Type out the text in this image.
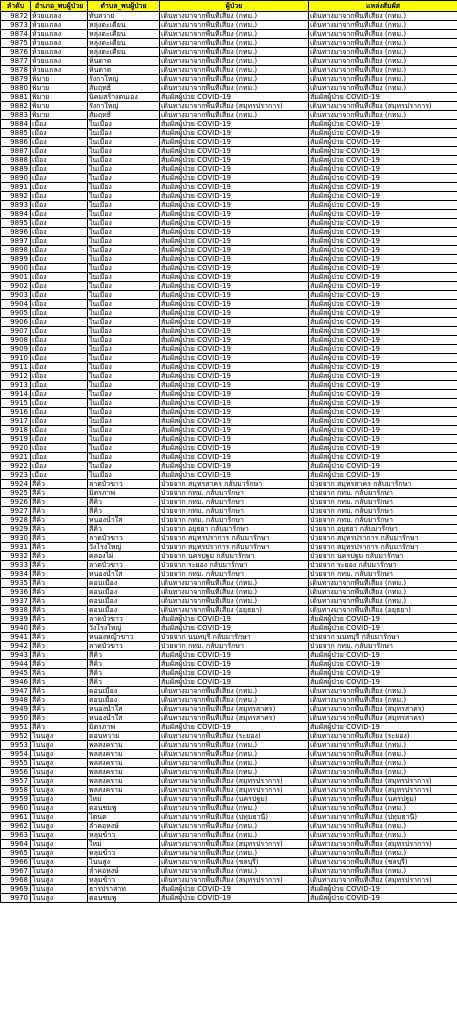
ลำดับ	อำเภอ_พบผู้ป่วย	ตำบล_พบผู้ป่วย	ผู้ป่วย	แหล่งสัมผัส
9872	ห้วยแถลง	ทับสวาย	เดินทางมาจากพื้นที่เสี่ยง (กทม.)	เดินทางมาจากพื้นที่เสี่ยง (กทม.)
9873	ห้วยแถลง	หลุ่งตะเคียน	เดินทางมาจากพื้นที่เสี่ยง (กทม.)	เดินทางมาจากพื้นที่เสี่ยง (กทม.)
9874	ห้วยแถลง	หลุ่งตะเคียน	เดินทางมาจากพื้นที่เสี่ยง (กทม.)	เดินทางมาจากพื้นที่เสี่ยง (กทม.)
9875	ห้วยแถลง	หลุ่งตะเคียน	เดินทางมาจากพื้นที่เสี่ยง (กทม.)	เดินทางมาจากพื้นที่เสี่ยง (กทม.)
9876	ห้วยแถลง	หลุ่งตะเคียน	เดินทางมาจากพื้นที่เสี่ยง (กทม.)	เดินทางมาจากพื้นที่เสี่ยง (กทม.)
9877	ห้วยแถลง	หินดาด	เดินทางมาจากพื้นที่เสี่ยง (กทม.)	เดินทางมาจากพื้นที่เสี่ยง (กทม.)
9878	ห้วยแถลง	หินดาด	เดินทางมาจากพื้นที่เสี่ยง (กทม.)	เดินทางมาจากพื้นที่เสี่ยง (กทม.)
9879	พิมาย	รังกาใหญ่	เดินทางมาจากพื้นที่เสี่ยง (กทม.)	เดินทางมาจากพื้นที่เสี่ยง (กทม.)
9880	พิมาย	สัมฤทธิ์	เดินทางมาจากพื้นที่เสี่ยง (กทม.)	เดินทางมาจากพื้นที่เสี่ยง (กทม.)
9881	พิมาย	นิคมสร้างตนเอง	สัมผัสผู้ป่วย COVID-19	สัมผัสผู้ป่วย COVID-19
9882	พิมาย	รังกาใหญ่	เดินทางมาจากพื้นที่เสี่ยง (สมุทรปราการ)	เดินทางมาจากพื้นที่เสี่ยง (สมุทรปราการ)
9883	พิมาย	สัมฤทธิ์	เดินทางมาจากพื้นที่เสี่ยง (กทม.)	เดินทางมาจากพื้นที่เสี่ยง (กทม.)
9884	เมือง	ในเมือง	สัมผัสผู้ป่วย COVID-19	สัมผัสผู้ป่วย COVID-19
9885	เมือง	ในเมือง	สัมผัสผู้ป่วย COVID-19	สัมผัสผู้ป่วย COVID-19
9886	เมือง	ในเมือง	สัมผัสผู้ป่วย COVID-19	สัมผัสผู้ป่วย COVID-19
9887	เมือง	ในเมือง	สัมผัสผู้ป่วย COVID-19	สัมผัสผู้ป่วย COVID-19
9888	เมือง	ในเมือง	สัมผัสผู้ป่วย COVID-19	สัมผัสผู้ป่วย COVID-19
9889	เมือง	ในเมือง	สัมผัสผู้ป่วย COVID-19	สัมผัสผู้ป่วย COVID-19
9890	เมือง	ในเมือง	สัมผัสผู้ป่วย COVID-19	สัมผัสผู้ป่วย COVID-19
9891	เมือง	ในเมือง	สัมผัสผู้ป่วย COVID-19	สัมผัสผู้ป่วย COVID-19
9892	เมือง	ในเมือง	สัมผัสผู้ป่วย COVID-19	สัมผัสผู้ป่วย COVID-19
9893	เมือง	ในเมือง	สัมผัสผู้ป่วย COVID-19	สัมผัสผู้ป่วย COVID-19
9894	เมือง	ในเมือง	สัมผัสผู้ป่วย COVID-19	สัมผัสผู้ป่วย COVID-19
9895	เมือง	ในเมือง	สัมผัสผู้ป่วย COVID-19	สัมผัสผู้ป่วย COVID-19
9896	เมือง	ในเมือง	สัมผัสผู้ป่วย COVID-19	สัมผัสผู้ป่วย COVID-19
9897	เมือง	ในเมือง	สัมผัสผู้ป่วย COVID-19	สัมผัสผู้ป่วย COVID-19
9898	เมือง	ในเมือง	สัมผัสผู้ป่วย COVID-19	สัมผัสผู้ป่วย COVID-19
9899	เมือง	ในเมือง	สัมผัสผู้ป่วย COVID-19	สัมผัสผู้ป่วย COVID-19
9900	เมือง	ในเมือง	สัมผัสผู้ป่วย COVID-19	สัมผัสผู้ป่วย COVID-19
9901	เมือง	ในเมือง	สัมผัสผู้ป่วย COVID-19	สัมผัสผู้ป่วย COVID-19
9902	เมือง	ในเมือง	สัมผัสผู้ป่วย COVID-19	สัมผัสผู้ป่วย COVID-19
9903	เมือง	ในเมือง	สัมผัสผู้ป่วย COVID-19	สัมผัสผู้ป่วย COVID-19
9904	เมือง	ในเมือง	สัมผัสผู้ป่วย COVID-19	สัมผัสผู้ป่วย COVID-19
9905	เมือง	ในเมือง	สัมผัสผู้ป่วย COVID-19	สัมผัสผู้ป่วย COVID-19
9906	เมือง	ในเมือง	สัมผัสผู้ป่วย COVID-19	สัมผัสผู้ป่วย COVID-19
9907	เมือง	ในเมือง	สัมผัสผู้ป่วย COVID-19	สัมผัสผู้ป่วย COVID-19
9908	เมือง	ในเมือง	สัมผัสผู้ป่วย COVID-19	สัมผัสผู้ป่วย COVID-19
9909	เมือง	ในเมือง	สัมผัสผู้ป่วย COVID-19	สัมผัสผู้ป่วย COVID-19
9910	เมือง	ในเมือง	สัมผัสผู้ป่วย COVID-19	สัมผัสผู้ป่วย COVID-19
9911	เมือง	ในเมือง	สัมผัสผู้ป่วย COVID-19	สัมผัสผู้ป่วย COVID-19
9912	เมือง	ในเมือง	สัมผัสผู้ป่วย COVID-19	สัมผัสผู้ป่วย COVID-19
9913	เมือง	ในเมือง	สัมผัสผู้ป่วย COVID-19	สัมผัสผู้ป่วย COVID-19
9914	เมือง	ในเมือง	สัมผัสผู้ป่วย COVID-19	สัมผัสผู้ป่วย COVID-19
9915	เมือง	ในเมือง	สัมผัสผู้ป่วย COVID-19	สัมผัสผู้ป่วย COVID-19
9916	เมือง	ในเมือง	สัมผัสผู้ป่วย COVID-19	สัมผัสผู้ป่วย COVID-19
9917	เมือง	ในเมือง	สัมผัสผู้ป่วย COVID-19	สัมผัสผู้ป่วย COVID-19
9918	เมือง	ในเมือง	สัมผัสผู้ป่วย COVID-19	สัมผัสผู้ป่วย COVID-19
9919	เมือง	ในเมือง	สัมผัสผู้ป่วย COVID-19	สัมผัสผู้ป่วย COVID-19
9920	เมือง	ในเมือง	สัมผัสผู้ป่วย COVID-19	สัมผัสผู้ป่วย COVID-19
9921	เมือง	ในเมือง	สัมผัสผู้ป่วย COVID-19	สัมผัสผู้ป่วย COVID-19
9922	เมือง	ในเมือง	สัมผัสผู้ป่วย COVID-19	สัมผัสผู้ป่วย COVID-19
9923	เมือง	ในเมือง	สัมผัสผู้ป่วย COVID-19	สัมผัสผู้ป่วย COVID-19
9924	สีคิ้ว	ลาดบัวขาว	ป่วยจาก สมุทรสาคร กลับมารักษา	ป่วยจาก สมุทรสาคร กลับมารักษา
9925	สีคิ้ว	มิตรภาพ	ป่วยจาก กทม. กลับมารักษา	ป่วยจาก กทม. กลับมารักษา
9926	สีคิ้ว	สีคิ้ว	ป่วยจาก กทม. กลับมารักษา	ป่วยจาก กทม. กลับมารักษา
9927	สีคิ้ว	สีคิ้ว	ป่วยจาก กทม. กลับมารักษา	ป่วยจาก กทม. กลับมารักษา
9928	สีคิ้ว	หนองน้ำใส	ป่วยจาก กทม. กลับมารักษา	ป่วยจาก กทม. กลับมารักษา
9929	สีคิ้ว	สีคิ้ว	ป่วยจาก อยุธยา กลับมารักษา	ป่วยจาก อยุธยา กลับมารักษา
9930	สีคิ้ว	ลาดบัวขาว	ป่วยจาก สมุทรปราการ กลับมารักษา	ป่วยจาก สมุทรปราการ กลับมารักษา
9931	สีคิ้ว	วังโรงใหญ่	ป่วยจาก สมุทรปราการ กลับมารักษา	ป่วยจาก สมุทรปราการ กลับมารักษา
9932	สีคิ้ว	คลองไผ่	ป่วยจาก นครปฐม กลับมารักษา	ป่วยจาก นครปฐม กลับมารักษา
9933	สีคิ้ว	ลาดบัวขาว	ป่วยจาก ระยอง กลับมารักษา	ป่วยจาก ระยอง กลับมารักษา
9934	สีคิ้ว	หนองน้ำใส	ป่วยจาก กทม. กลับมารักษา	ป่วยจาก กทม. กลับมารักษา
9935	สีคิ้ว	ดอนเมือง	เดินทางมาจากพื้นที่เสี่ยง (กทม.)	เดินทางมาจากพื้นที่เสี่ยง (กทม.)
9936	สีคิ้ว	ดอนเมือง	เดินทางมาจากพื้นที่เสี่ยง (กทม.)	เดินทางมาจากพื้นที่เสี่ยง (กทม.)
9937	สีคิ้ว	ดอนเมือง	เดินทางมาจากพื้นที่เสี่ยง (กทม.)	เดินทางมาจากพื้นที่เสี่ยง (กทม.)
9938	สีคิ้ว	ดอนเมือง	เดินทางมาจากพื้นที่เสี่ยง (อยุธยา)	เดินทางมาจากพื้นที่เสี่ยง (อยุธยา)
9939	สีคิ้ว	ลาดบัวขาว	สัมผัสผู้ป่วย COVID-19	สัมผัสผู้ป่วย COVID-19
9940	สีคิ้ว	วังโรงใหญ่	สัมผัสผู้ป่วย COVID-19	สัมผัสผู้ป่วย COVID-19
9941	สีคิ้ว	หนองหญ้าขาว	ป่วยจาก นนทบุรี กลับมารักษา	ป่วยจาก นนทบุรี กลับมารักษา
9942	สีคิ้ว	ลาดบัวขาว	ป่วยจาก กทม. กลับมารักษา	ป่วยจาก กทม. กลับมารักษา
9943	สีคิ้ว	สีคิ้ว	สัมผัสผู้ป่วย COVID-19	สัมผัสผู้ป่วย COVID-19
9944	สีคิ้ว	สีคิ้ว	สัมผัสผู้ป่วย COVID-19	สัมผัสผู้ป่วย COVID-19
9945	สีคิ้ว	สีคิ้ว	สัมผัสผู้ป่วย COVID-19	สัมผัสผู้ป่วย COVID-19
9946	สีคิ้ว	สีคิ้ว	สัมผัสผู้ป่วย COVID-19	สัมผัสผู้ป่วย COVID-19
9947	สีคิ้ว	ดอนเมือง	เดินทางมาจากพื้นที่เสี่ยง (กทม.)	เดินทางมาจากพื้นที่เสี่ยง (กทม.)
9948	สีคิ้ว	ดอนเมือง	เดินทางมาจากพื้นที่เสี่ยง (กทม.)	เดินทางมาจากพื้นที่เสี่ยง (กทม.)
9949	สีคิ้ว	หนองน้ำใส	เดินทางมาจากพื้นที่เสี่ยง (สมุทรสาคร)	เดินทางมาจากพื้นที่เสี่ยง (สมุทรสาคร)
9950	สีคิ้ว	หนองน้ำใส	เดินทางมาจากพื้นที่เสี่ยง (สมุทรสาคร)	เดินทางมาจากพื้นที่เสี่ยง (สมุทรสาคร)
9951	สีคิ้ว	มิตรภาพ	สัมผัสผู้ป่วย COVID-19	สัมผัสผู้ป่วย COVID-19
9952	โนนสูง	ดอนหวาย	เดินทางมาจากพื้นที่เสี่ยง (ระยอง)	เดินทางมาจากพื้นที่เสี่ยง (ระยอง)
9953	โนนสูง	พลสงคราม	เดินทางมาจากพื้นที่เสี่ยง (กทม.)	เดินทางมาจากพื้นที่เสี่ยง (กทม.)
9954	โนนสูง	พลสงคราม	เดินทางมาจากพื้นที่เสี่ยง (กทม.)	เดินทางมาจากพื้นที่เสี่ยง (กทม.)
9955	โนนสูง	พลสงคราม	เดินทางมาจากพื้นที่เสี่ยง (กทม.)	เดินทางมาจากพื้นที่เสี่ยง (กทม.)
9956	โนนสูง	พลสงคราม	เดินทางมาจากพื้นที่เสี่ยง (กทม.)	เดินทางมาจากพื้นที่เสี่ยง (กทม.)
9957	โนนสูง	พลสงคราม	เดินทางมาจากพื้นที่เสี่ยง (สมุทรปราการ)	เดินทางมาจากพื้นที่เสี่ยง (สมุทรปราการ)
9958	โนนสูง	พลสงคราม	เดินทางมาจากพื้นที่เสี่ยง (สมุทรปราการ)	เดินทางมาจากพื้นที่เสี่ยง (สมุทรปราการ)
9959	โนนสูง	ใหม่	เดินทางมาจากพื้นที่เสี่ยง (นครปฐม)	เดินทางมาจากพื้นที่เสี่ยง (นครปฐม)
9960	โนนสูง	ดอนชมพู	เดินทางมาจากพื้นที่เสี่ยง (กทม.)	เดินทางมาจากพื้นที่เสี่ยง (กทม.)
9961	โนนสูง	โตนด	เดินทางมาจากพื้นที่เสี่ยง (ปทุมธานี)	เดินทางมาจากพื้นที่เสี่ยง (ปทุมธานี)
9962	โนนสูง	ลำคอหงษ์	เดินทางมาจากพื้นที่เสี่ยง (กทม.)	เดินทางมาจากพื้นที่เสี่ยง (กทม.)
9963	โนนสูง	หลุมข้าว	เดินทางมาจากพื้นที่เสี่ยง (กทม.)	เดินทางมาจากพื้นที่เสี่ยง (กทม.)
9964	โนนสูง	ใหม่	เดินทางมาจากพื้นที่เสี่ยง (สมุทรปราการ)	เดินทางมาจากพื้นที่เสี่ยง (สมุทรปราการ)
9965	โนนสูง	หลุมข้าว	เดินทางมาจากพื้นที่เสี่ยง (กทม.)	เดินทางมาจากพื้นที่เสี่ยง (กทม.)
9966	โนนสูง	โนนสูง	เดินทางมาจากพื้นที่เสี่ยง (ชลบุรี)	เดินทางมาจากพื้นที่เสี่ยง (ชลบุรี)
9967	โนนสูง	ลำคอหงษ์	เดินทางมาจากพื้นที่เสี่ยง (กทม.)	เดินทางมาจากพื้นที่เสี่ยง (กทม.)
9968	โนนสูง	หลุมข้าว	เดินทางมาจากพื้นที่เสี่ยง (สมุทรปราการ)	เดินทางมาจากพื้นที่เสี่ยง (สมุทรปราการ)
9969	โนนสูง	ธารปราสาท	สัมผัสผู้ป่วย COVID-19	สัมผัสผู้ป่วย COVID-19
9970	โนนสูง	ดอนชมพู	สัมผัสผู้ป่วย COVID-19	สัมผัสผู้ป่วย COVID-19
